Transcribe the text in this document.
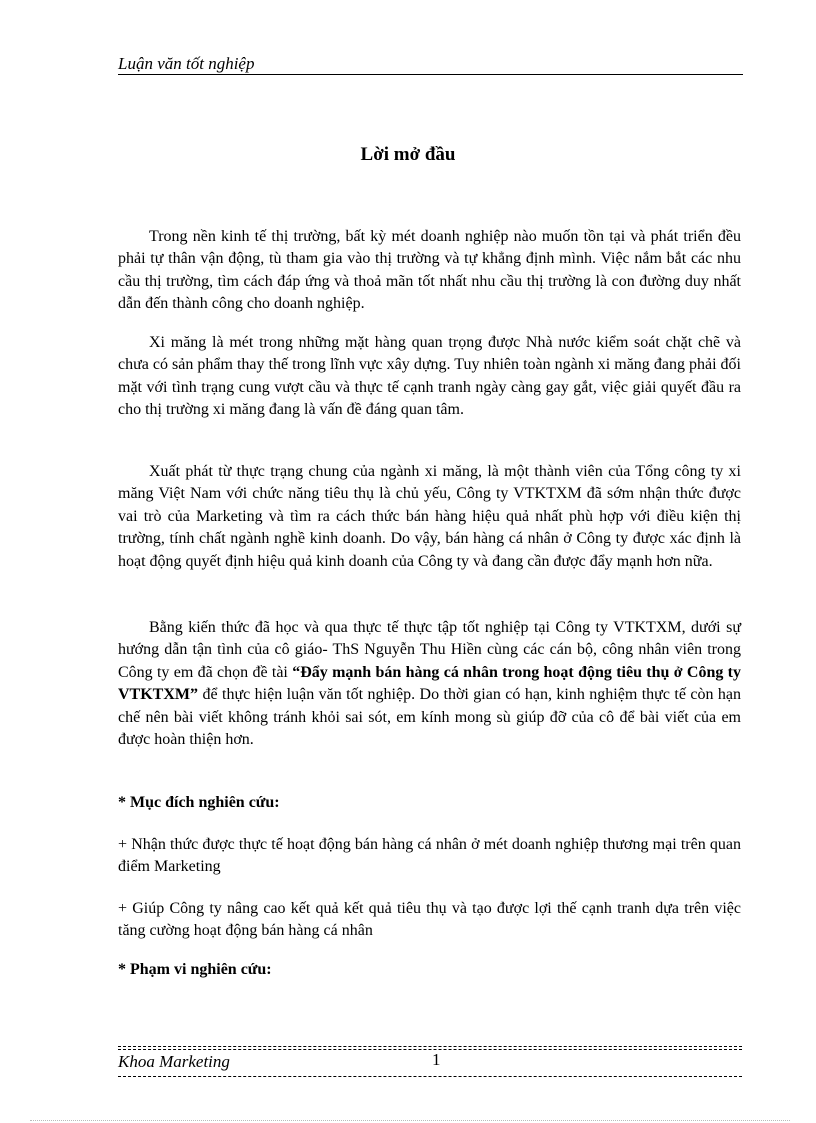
Luận văn tốt nghiệp
Lời mở đầu
Trong nền kinh tế thị trường, bất kỳ mét doanh nghiệp nào muốn tồn tại và phát triển đều phải tự thân vận động, tù tham gia vào thị trường và tự khẳng định mình. Việc nắm bắt các nhu cầu thị trường, tìm cách đáp ứng và thoả mãn tốt nhất nhu cầu thị trường là con đường duy nhất dẫn đến thành công cho doanh nghiệp.
Xi măng là mét trong những mặt hàng quan trọng được Nhà nước kiểm soát chặt chẽ và chưa có sản phẩm thay thế trong lĩnh vực xây dựng. Tuy nhiên toàn ngành xi măng đang phải đối mặt với tình trạng cung vượt cầu và thực tế cạnh tranh ngày càng gay gắt, việc giải quyết đầu ra cho thị trường xi măng đang là vấn đề đáng quan tâm.
Xuất phát từ thực trạng chung của ngành xi măng, là một thành viên của Tổng công ty xi măng Việt Nam với chức năng tiêu thụ là chủ yếu, Công ty VTKTXM đã sớm nhận thức được vai trò của Marketing và tìm ra cách thức bán hàng hiệu quả nhất phù hợp với điều kiện thị trường, tính chất ngành nghề kinh doanh. Do vậy, bán hàng cá nhân ở Công ty được xác định là hoạt động quyết định hiệu quả kinh doanh của Công ty và đang cần được đẩy mạnh hơn nữa.
Bằng kiến thức đã học và qua thực tế thực tập tốt nghiệp tại Công ty VTKTXM, dưới sự hướng dẫn tận tình của cô giáo- ThS Nguyễn Thu Hiền cùng các cán bộ, công nhân viên trong Công ty em đã chọn đề tài “Đẩy mạnh bán hàng cá nhân trong hoạt động tiêu thụ ở Công ty VTKTXM” để thực hiện luận văn tốt nghiệp. Do thời gian có hạn, kinh nghiệm thực tế còn hạn chế nên bài viết không tránh khỏi sai sót, em kính mong sù giúp đỡ của cô để bài viết của em được hoàn thiện hơn.
* Mục đích nghiên cứu:
+ Nhận thức được thực tế hoạt động bán hàng cá nhân ở mét doanh nghiệp thương mại trên quan điểm Marketing
+ Giúp Công ty nâng cao kết quả kết quả tiêu thụ và tạo được lợi thế cạnh tranh dựa trên việc tăng cường hoạt động bán hàng cá nhân
* Phạm vi nghiên cứu:
Khoa Marketing	1
